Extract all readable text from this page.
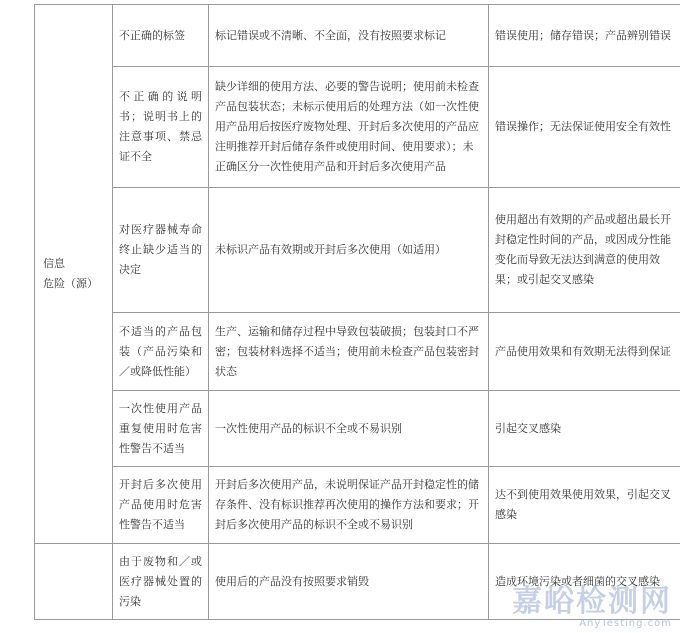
信息
危险（源）	不正确的标签	标记错误或不清晰、不全面，没有按照要求标记	错误使用；储存错误；产品辨别错误
	不正确的说明书；说明书上的注意事项、禁忌证不全	缺少详细的使用方法、必要的警告说明；使用前未检查产品包装状态；未标示使用后的处理方法（如一次性使用产品用后按医疗废物处理、开封后多次使用的产品应注明推荐开封后储存条件或使用时间、使用要求）；未正确区分一次性使用产品和开封后多次使用产品	错误操作；无法保证使用安全有效性
	对医疗器械寿命终止缺少适当的决定	未标识产品有效期或开封后多次使用（如适用）	使用超出有效期的产品或超出最长开封稳定性时间的产品，或因成分性能变化而导致无法达到满意的使用效果；或引起交叉感染
	不适当的产品包装（产品污染和／或降低性能）	生产、运输和储存过程中导致包装破损；包装封口不严密；包装材料选择不适当；使用前未检查产品包装密封状态	产品使用效果和有效期无法得到保证
	一次性使用产品重复使用时危害性警告不适当	一次性使用产品的标识不全或不易识别	引起交叉感染
	开封后多次使用产品使用时危害性警告不适当	开封后多次使用产品，未说明保证产品开封稳定性的储存条件、没有标识推荐再次使用的操作方法和要求；开封后多次使用产品的标识不全或不易识别	达不到使用效果使用效果，引起交叉感染
	由于废物和／或医疗器械处置的污染	使用后的产品没有按照要求销毁	造成环境污染或者细菌的交叉感染
嘉峪检测网
AnyTesting.com
